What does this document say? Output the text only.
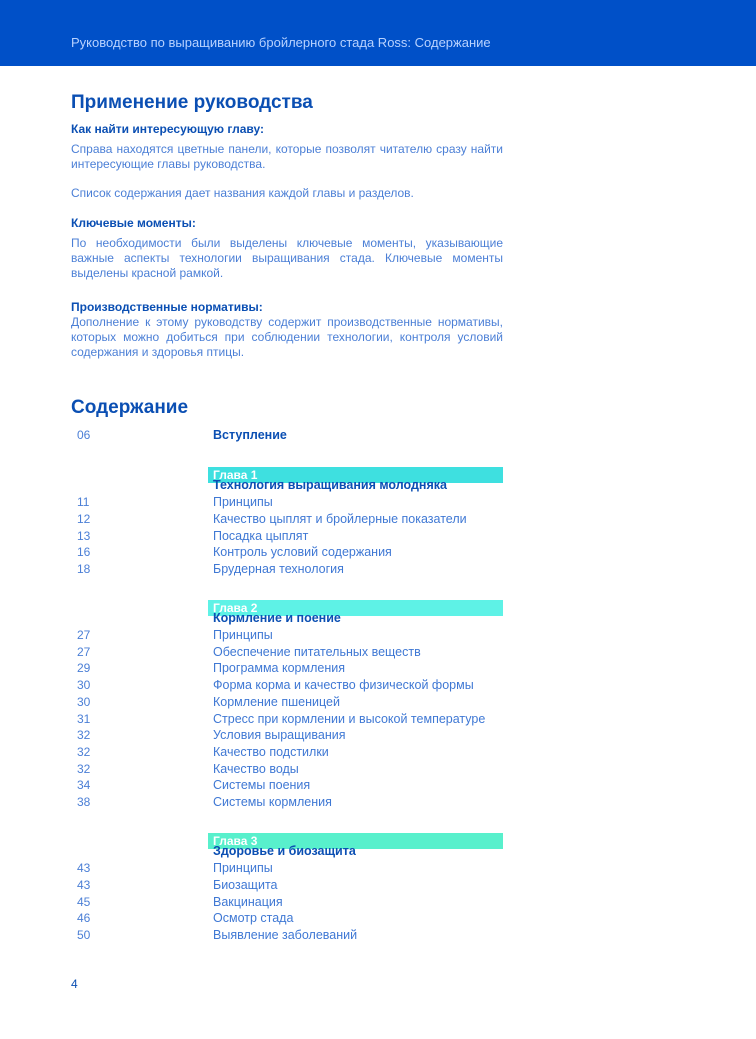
Руководство по выращиванию бройлерного стада Ross: Содержание
Применение руководства
Как найти интересующую главу:
Справа находятся цветные панели, которые позволят читателю сразу найти интересующие главы руководства.
Список содержания дает названия каждой главы и разделов.
Ключевые моменты:
По необходимости были выделены ключевые моменты, указывающие важные аспекты технологии выращивания стада. Ключевые моменты выделены красной рамкой.
Производственные нормативы:
Дополнение к этому руководству содержит производственные нормативы, которых можно добиться при соблюдении технологии, контроля условий содержания и здоровья птицы.
Содержание
06	Вступление
Глава 1
Технология выращивания молодняка
11	Принципы
12	Качество цыплят и бройлерные показатели
13	Посадка цыплят
16	Контроль условий содержания
18	Брудерная технология
Глава 2
Кормление и поение
27	Принципы
27	Обеспечение питательных веществ
29	Программа кормления
30	Форма корма и качество физической формы
30	Кормление пшеницей
31	Стресс при кормлении и высокой температуре
32	Условия выращивания
32	Качество подстилки
32	Качество воды
34	Системы поения
38	Системы кормления
Глава 3
Здоровье и биозащита
43	Принципы
43	Биозащита
45	Вакцинация
46	Осмотр стада
50	Выявление заболеваний
4
